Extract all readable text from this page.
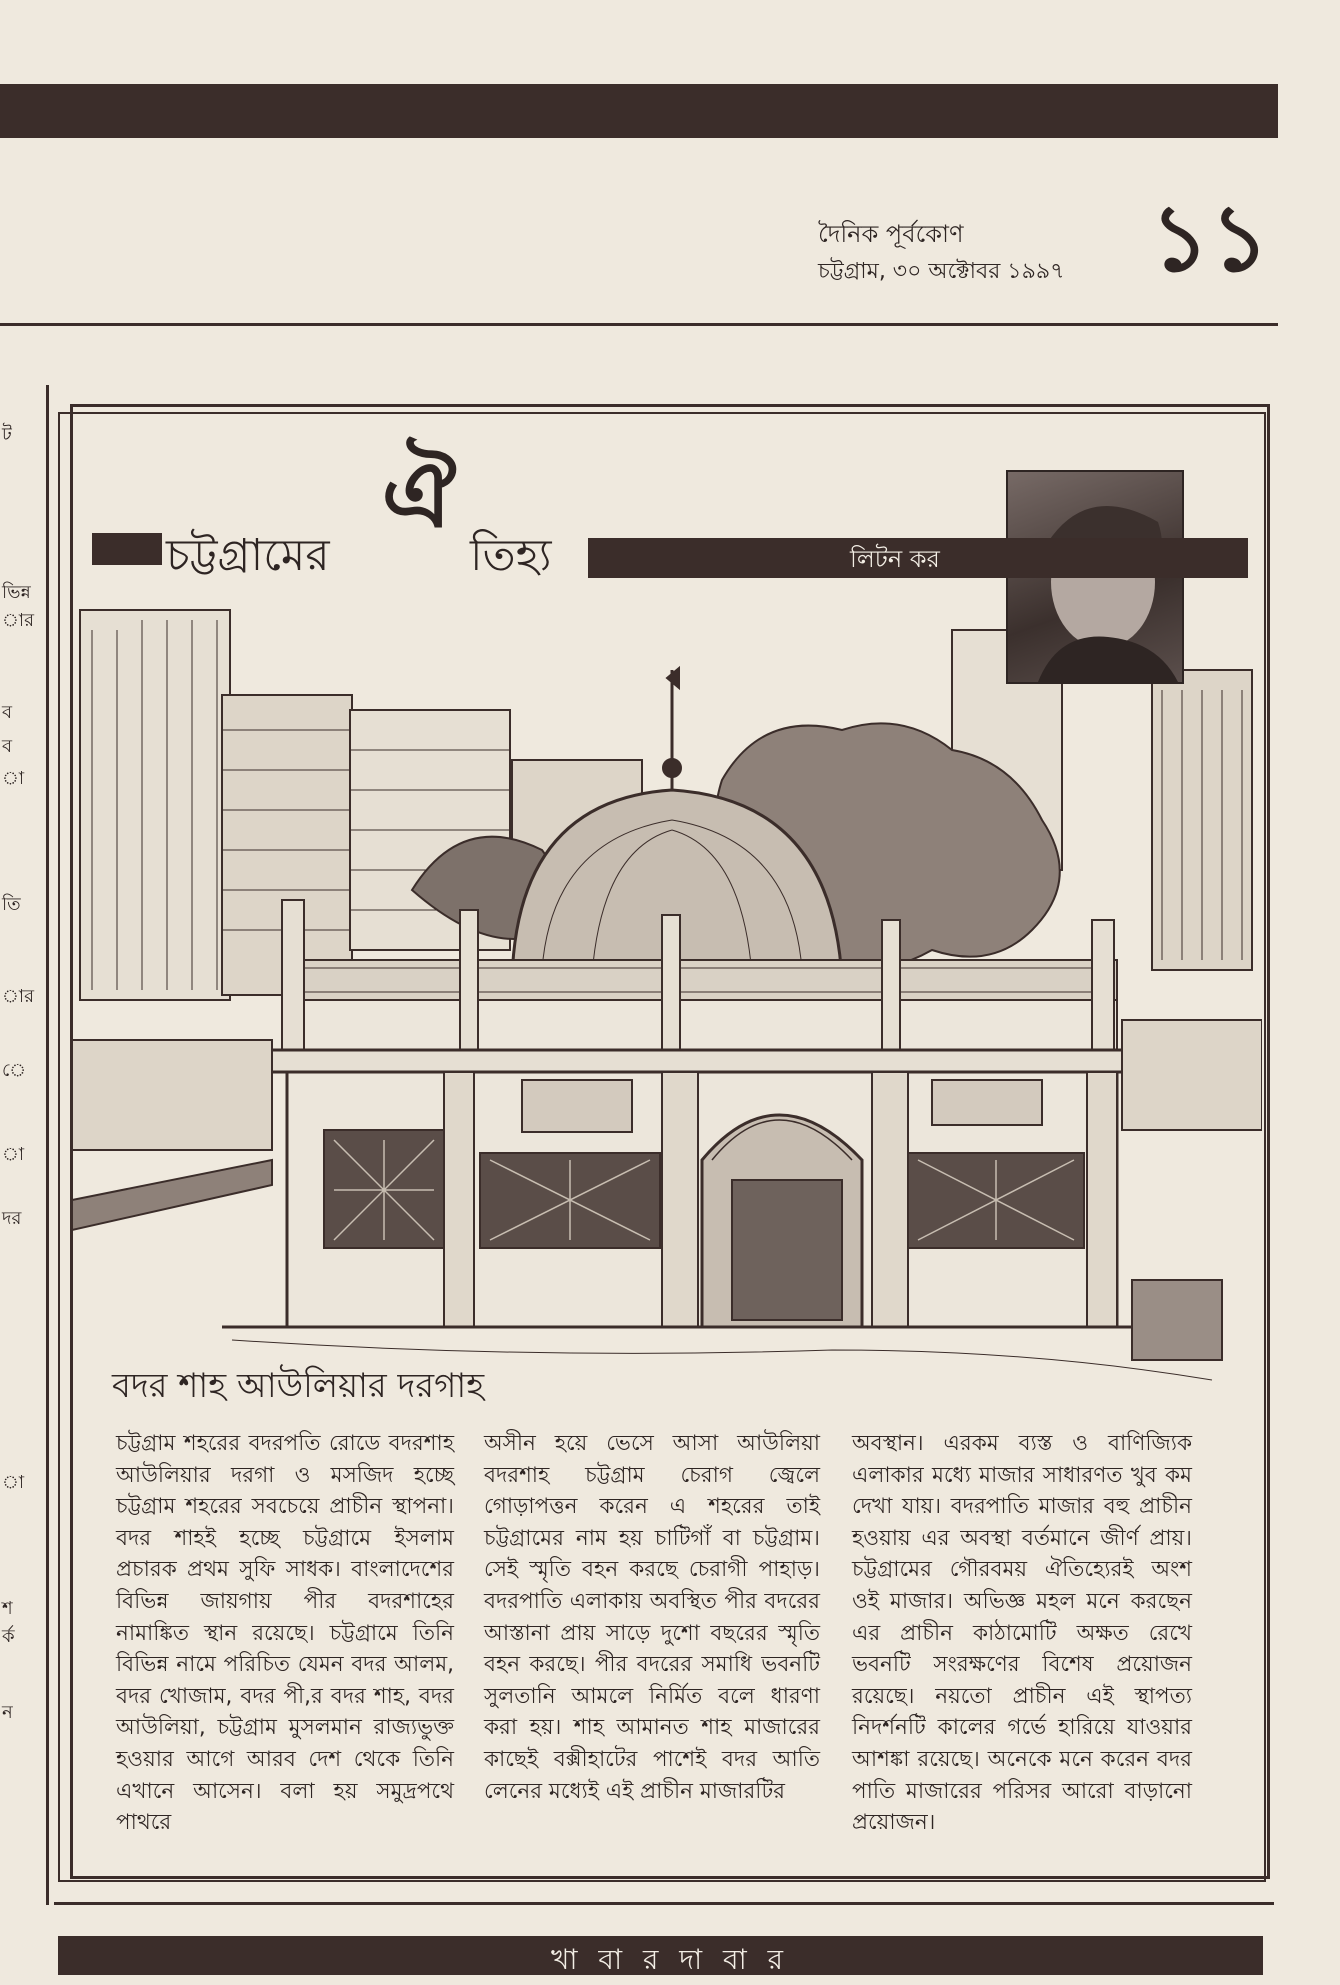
দৈনিক পূর্বকোণ
চট্টগ্রাম, ৩০ অক্টোবর ১৯৯৭ ১১
ট
ভিন্ন
ার
ব
ব
া
তি
ার
ে
া
দর
া
শ
র্ক
ন
চট্টগ্রামের
ঐ
তিহ্য	লিটন কর
বদর শাহ আউলিয়ার দরগাহ
চট্টগ্রাম শহরের বদরপতি রোডে বদরশাহ আউলিয়ার দরগা ও মসজিদ হচ্ছে চট্টগ্রাম শহরের সবচেয়ে প্রাচীন স্থাপনা। বদর শাহই হচ্ছে চট্টগ্রামে ইসলাম প্রচারক প্রথম সুফি সাধক। বাংলাদেশের বিভিন্ন জায়গায় পীর বদরশাহের নামাঙ্কিত স্থান রয়েছে। চট্টগ্রামে তিনি বিভিন্ন নামে পরিচিত যেমন বদর আলম, বদর খোজাম, বদর পী,র বদর শাহ, বদর আউলিয়া, চট্টগ্রাম মুসলমান রাজ্যভুক্ত হওয়ার আগে আরব দেশ থেকে তিনি এখানে আসেন। বলা হয় সমুদ্রপথে পাথরে
অসীন হয়ে ভেসে আসা আউলিয়া বদরশাহ চট্টগ্রাম চেরাগ জ্বেলে গোড়াপত্তন করেন এ শহরের তাই চট্টগ্রামের নাম হয় চাটিগাঁ বা চট্টগ্রাম। সেই স্মৃতি বহন করছে চেরাগী পাহাড়। বদরপাতি এলাকায় অবস্থিত পীর বদরের আস্তানা প্রায় সাড়ে দুশো বছরের স্মৃতি বহন করছে। পীর বদরের সমাধি ভবনটি সুলতানি আমলে নির্মিত বলে ধারণা করা হয়। শাহ আমানত শাহ মাজারের কাছেই বক্সীহাটের পাশেই বদর আতি লেনের মধ্যেই এই প্রাচীন মাজারটির
অবস্থান। এরকম ব্যস্ত ও বাণিজ্যিক এলাকার মধ্যে মাজার সাধারণত খুব কম দেখা যায়। বদরপাতি মাজার বহু প্রাচীন হওয়ায় এর অবস্থা বর্তমানে জীর্ণ প্রায়। চট্টগ্রামের গৌরবময় ঐতিহ্যেরই অংশ ওই মাজার। অভিজ্ঞ মহল মনে করছেন এর প্রাচীন কাঠামোটি অক্ষত রেখে ভবনটি সংরক্ষণের বিশেষ প্রয়োজন রয়েছে। নয়তো প্রাচীন এই স্থাপত্য নিদর্শনটি কালের গর্ভে হারিয়ে যাওয়ার আশঙ্কা রয়েছে। অনেকে মনে করেন বদর পাতি মাজারের পরিসর আরো বাড়ানো প্রয়োজন।
খা বা র দা বা র
